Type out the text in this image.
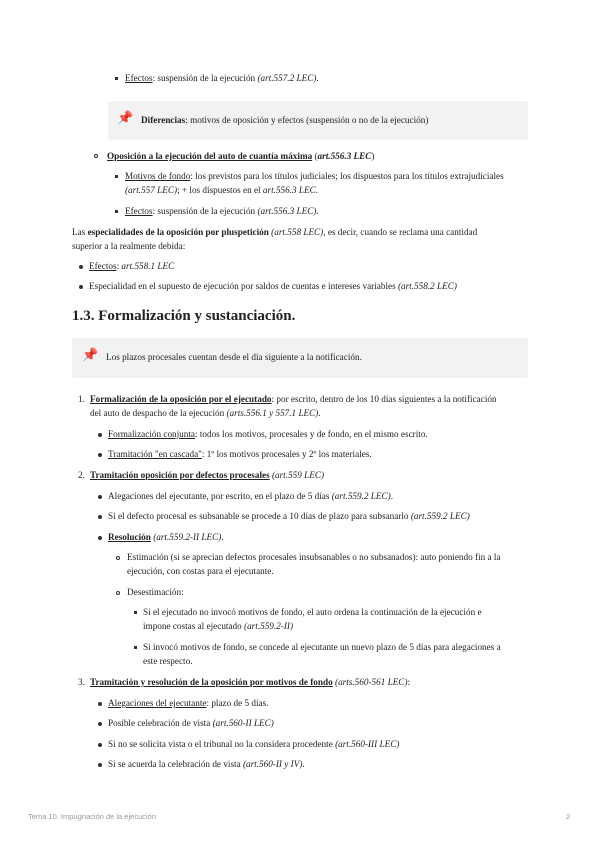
Efectos: suspensión de la ejecución (art.557.2 LEC).
📌 Diferencias: motivos de oposición y efectos (suspensión o no de la ejecución)
Oposición a la ejecución del auto de cuantía máxima (art.556.3 LEC)
Motivos de fondo: los previstos para los títulos judiciales; los dispuestos para los títulos extrajudiciales
(art.557 LEC); + los dispuestos en el art.556.3 LEC.
Efectos: suspensión de la ejecución (art.556.3 LEC).
Las especialidades de la oposición por pluspetición (art.558 LEC), es decir, cuando se reclama una cantidad
superior a la realmente debida:
Efectos: art.558.1 LEC
Especialidad en el supuesto de ejecución por saldos de cuentas e intereses variables (art.558.2 LEC)
1.3. Formalización y sustanciación.
📌 Los plazos procesales cuentan desde el día siguiente a la notificación.
1. Formalización de la oposición por el ejecutado: por escrito, dentro de los 10 días siguientes a la notificación
del auto de despacho de la ejecución (arts.556.1 y 557.1 LEC).
Formalización conjunta: todos los motivos, procesales y de fondo, en el mismo escrito.
Tramitación "en cascada": 1º los motivos procesales y 2º los materiales.
2. Tramitación oposición por defectos procesales (art.559 LEC)
Alegaciones del ejecutante, por escrito, en el plazo de 5 días (art.559.2 LEC).
Si el defecto procesal es subsanable se procede a 10 días de plazo para subsanarlo (art.559.2 LEC)
Resolución (art.559.2-II LEC).
Estimación (si se aprecian defectos procesales insubsanables o no subsanados): auto poniendo fin a la
ejecución, con costas para el ejecutante.
Desestimación:
Si el ejecutado no invocó motivos de fondo, el auto ordena la continuación de la ejecución e
impone costas al ejecutado (art.559.2-II)
Si invocó motivos de fondo, se concede al ejecutante un nuevo plazo de 5 días para alegaciones a
este respecto.
3. Tramitación y resolución de la oposición por motivos de fondo (arts.560-561 LEC):
Alegaciones del ejecutante: plazo de 5 días.
Posible celebración de vista (art.560-II LEC)
Si no se solicita vista o el tribunal no la considera procedente (art.560-III LEC)
Si se acuerda la celebración de vista (art.560-II y IV).
Tema 10. Impugnación de la ejecución	2
